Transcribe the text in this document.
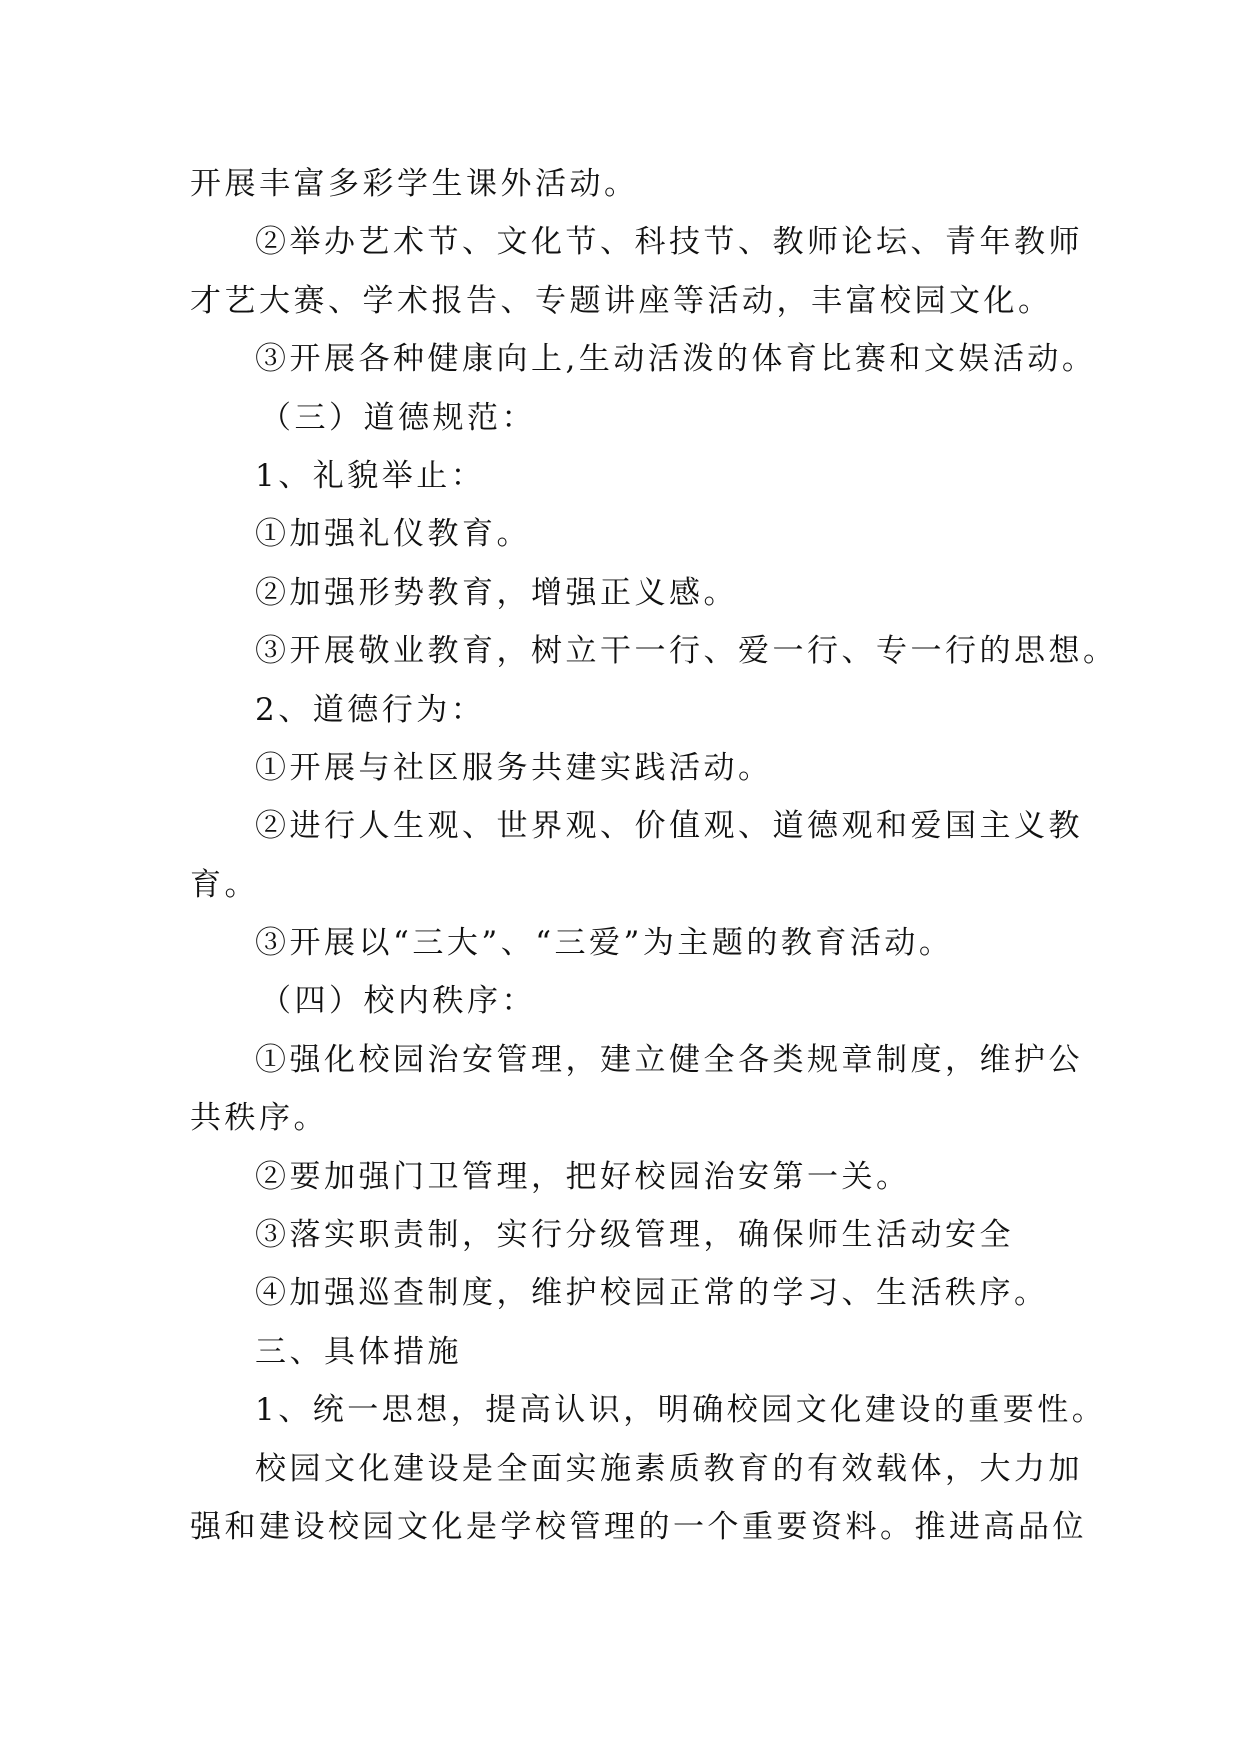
开展丰富多彩学生课外活动。

②举办艺术节、文化节、科技节、教师论坛、青年教师

才艺大赛、学术报告、专题讲座等活动，丰富校园文化。

③开展各种健康向上,生动活泼的体育比赛和文娱活动。

（三）道德规范：

1、礼貌举止：

①加强礼仪教育。

②加强形势教育，增强正义感。

③开展敬业教育，树立干一行、爱一行、专一行的思想。

2、道德行为：

①开展与社区服务共建实践活动。

②进行人生观、世界观、价值观、道德观和爱国主义教

育。

③开展以“三大”、“三爱”为主题的教育活动。

（四）校内秩序：

①强化校园治安管理，建立健全各类规章制度，维护公

共秩序。

②要加强门卫管理，把好校园治安第一关。

③落实职责制，实行分级管理，确保师生活动安全

④加强巡查制度，维护校园正常的学习、生活秩序。

三、具体措施

1、统一思想，提高认识，明确校园文化建设的重要性。

校园文化建设是全面实施素质教育的有效载体，大力加

强和建设校园文化是学校管理的一个重要资料。推进高品位
